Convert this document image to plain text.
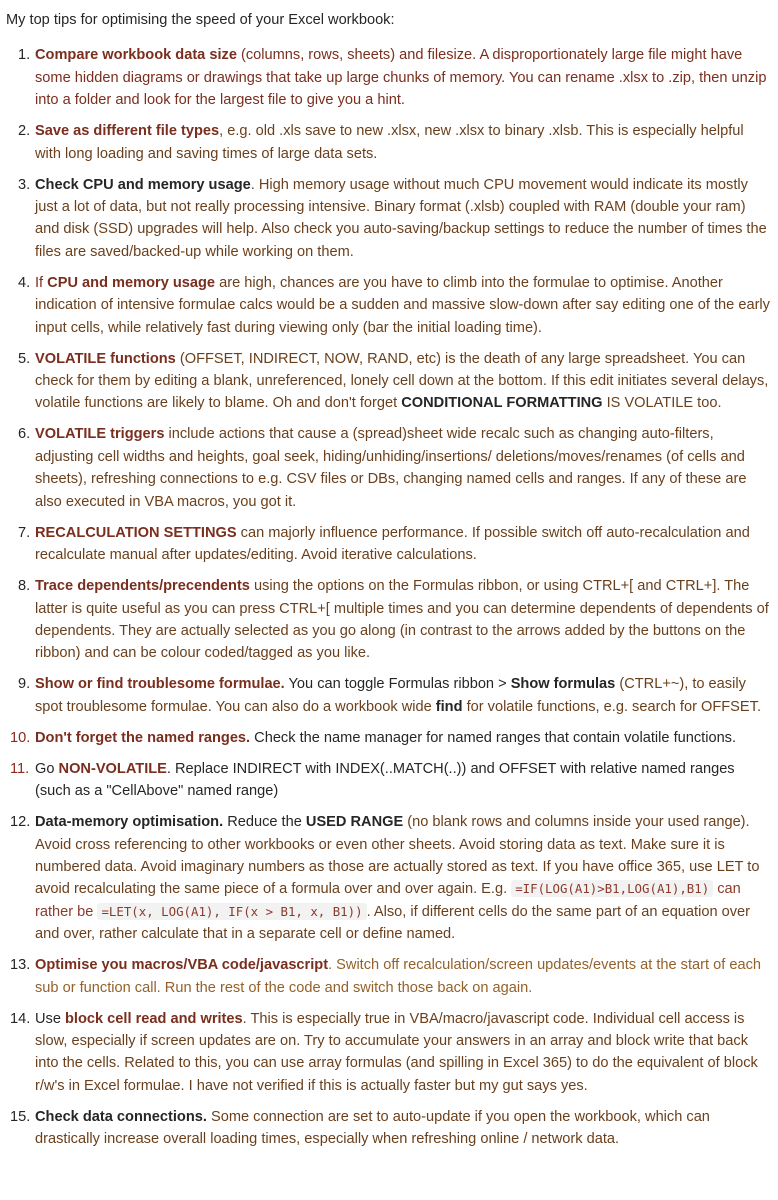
My top tips for optimising the speed of your Excel workbook:

1. Compare workbook data size (columns, rows, sheets) and filesize. A disproportionately large file might have some hidden diagrams or drawings that take up large chunks of memory. You can rename .xlsx to .zip, then unzip into a folder and look for the largest file to give you a hint.
2. Save as different file types, e.g. old .xls save to new .xlsx, new .xlsx to binary .xlsb. This is especially helpful with long loading and saving times of large data sets.
3. Check CPU and memory usage. High memory usage without much CPU movement would indicate its mostly just a lot of data, but not really processing intensive. Binary format (.xlsb) coupled with RAM (double your ram) and disk (SSD) upgrades will help. Also check you auto-saving/backup settings to reduce the number of times the files are saved/backed-up while working on them.
4. If CPU and memory usage are high, chances are you have to climb into the formulae to optimise. Another indication of intensive formulae calcs would be a sudden and massive slow-down after say editing one of the early input cells, while relatively fast during viewing only (bar the initial loading time).
5. VOLATILE functions (OFFSET, INDIRECT, NOW, RAND, etc) is the death of any large spreadsheet. You can check for them by editing a blank, unreferenced, lonely cell down at the bottom. If this edit initiates several delays, volatile functions are likely to blame. Oh and don't forget CONDITIONAL FORMATTING IS VOLATILE too.
6. VOLATILE triggers include actions that cause a (spread)sheet wide recalc such as changing auto-filters, adjusting cell widths and heights, goal seek, hiding/unhiding/insertions/ deletions/moves/renames (of cells and sheets), refreshing connections to e.g. CSV files or DBs, changing named cells and ranges. If any of these are also executed in VBA macros, you got it.
7. RECALCULATION SETTINGS can majorly influence performance. If possible switch off auto-recalculation and recalculate manual after updates/editing. Avoid iterative calculations.
8. Trace dependents/precendents using the options on the Formulas ribbon, or using CTRL+[ and CTRL+]. The latter is quite useful as you can press CTRL+[ multiple times and you can determine dependents of dependents of dependents. They are actually selected as you go along (in contrast to the arrows added by the buttons on the ribbon) and can be colour coded/tagged as you like.
9. Show or find troublesome formulae. You can toggle Formulas ribbon > Show formulas (CTRL+~), to easily spot troublesome formulae. You can also do a workbook wide find for volatile functions, e.g. search for OFFSET.
10. Don't forget the named ranges. Check the name manager for named ranges that contain volatile functions.
11. Go NON-VOLATILE. Replace INDIRECT with INDEX(..MATCH(..)) and OFFSET with relative named ranges (such as a "CellAbove" named range)
12. Data-memory optimisation. Reduce the USED RANGE (no blank rows and columns inside your used range). Avoid cross referencing to other workbooks or even other sheets. Avoid storing data as text. Make sure it is numbered data. Avoid imaginary numbers as those are actually stored as text. If you have office 365, use LET to avoid recalculating the same piece of a formula over and over again. E.g. =IF(LOG(A1)>B1,LOG(A1),B1) can rather be =LET(x, LOG(A1), IF(x > B1, x, B1)) . Also, if different cells do the same part of an equation over and over, rather calculate that in a separate cell or define named.
13. Optimise you macros/VBA code/javascript. Switch off recalculation/screen updates/events at the start of each sub or function call. Run the rest of the code and switch those back on again.
14. Use block cell read and writes. This is especially true in VBA/macro/javascript code. Individual cell access is slow, especially if screen updates are on. Try to accumulate your answers in an array and block write that back into the cells. Related to this, you can use array formulas (and spilling in Excel 365) to do the equivalent of block r/w's in Excel formulae. I have not verified if this is actually faster but my gut says yes.
15. Check data connections. Some connection are set to auto-update if you open the workbook, which can drastically increase overall loading times, especially when refreshing online / network data.
